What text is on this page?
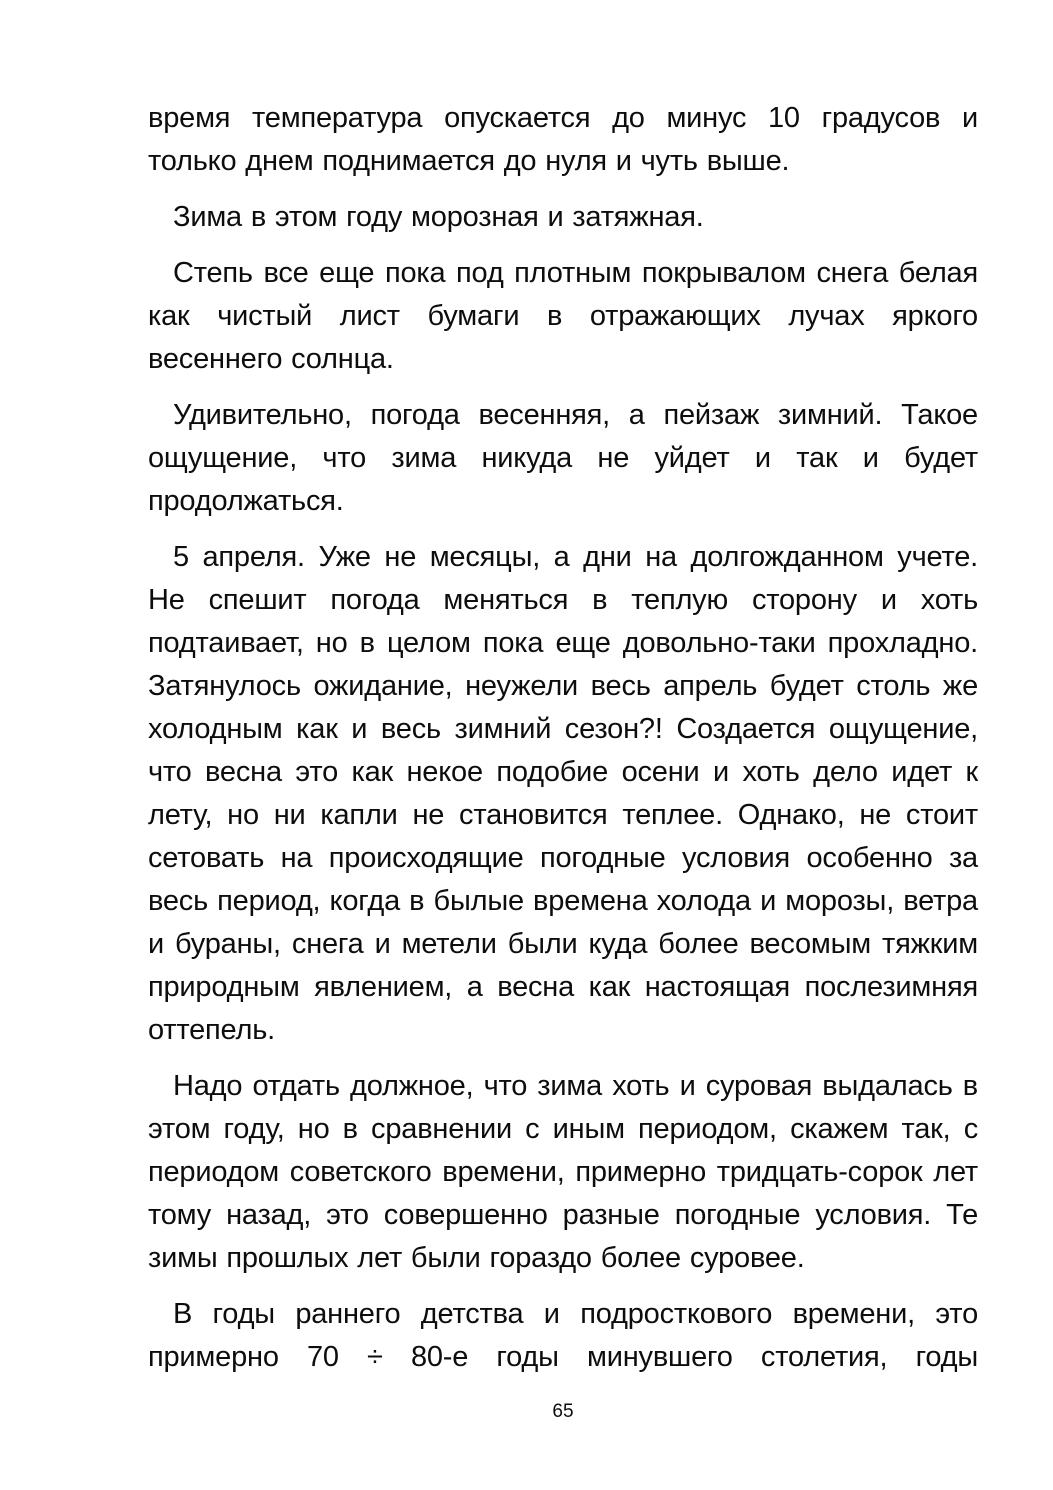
время температура опускается до минус 10 градусов и только днем поднимается до нуля и чуть выше.

Зима в этом году морозная и затяжная.

Степь все еще пока под плотным покрывалом снега белая как чистый лист бумаги в отражающих лучах яркого весеннего солнца.

Удивительно, погода весенняя, а пейзаж зимний. Такое ощущение, что зима никуда не уйдет и так и будет продолжаться.

5 апреля. Уже не месяцы, а дни на долгожданном учете. Не спешит погода меняться в теплую сторону и хоть подтаивает, но в целом пока еще довольно-таки прохладно. Затянулось ожидание, неужели весь апрель будет столь же холодным как и весь зимний сезон?! Создается ощущение, что весна это как некое подобие осени и хоть дело идет к лету, но ни капли не становится теплее. Однако, не стоит сетовать на происходящие погодные условия особенно за весь период, когда в былые времена холода и морозы, ветра и бураны, снега и метели были куда более весомым тяжким природным явлением, а весна как настоящая послезимняя оттепель.

Надо отдать должное, что зима хоть и суровая выдалась в этом году, но в сравнении с иным периодом, скажем так, с периодом советского времени, примерно тридцать-сорок лет тому назад, это совершенно разные погодные условия. Те зимы прошлых лет были гораздо более суровее.

В годы раннего детства и подросткового времени, это примерно 70 ÷ 80-е годы минувшего столетия, годы

65
